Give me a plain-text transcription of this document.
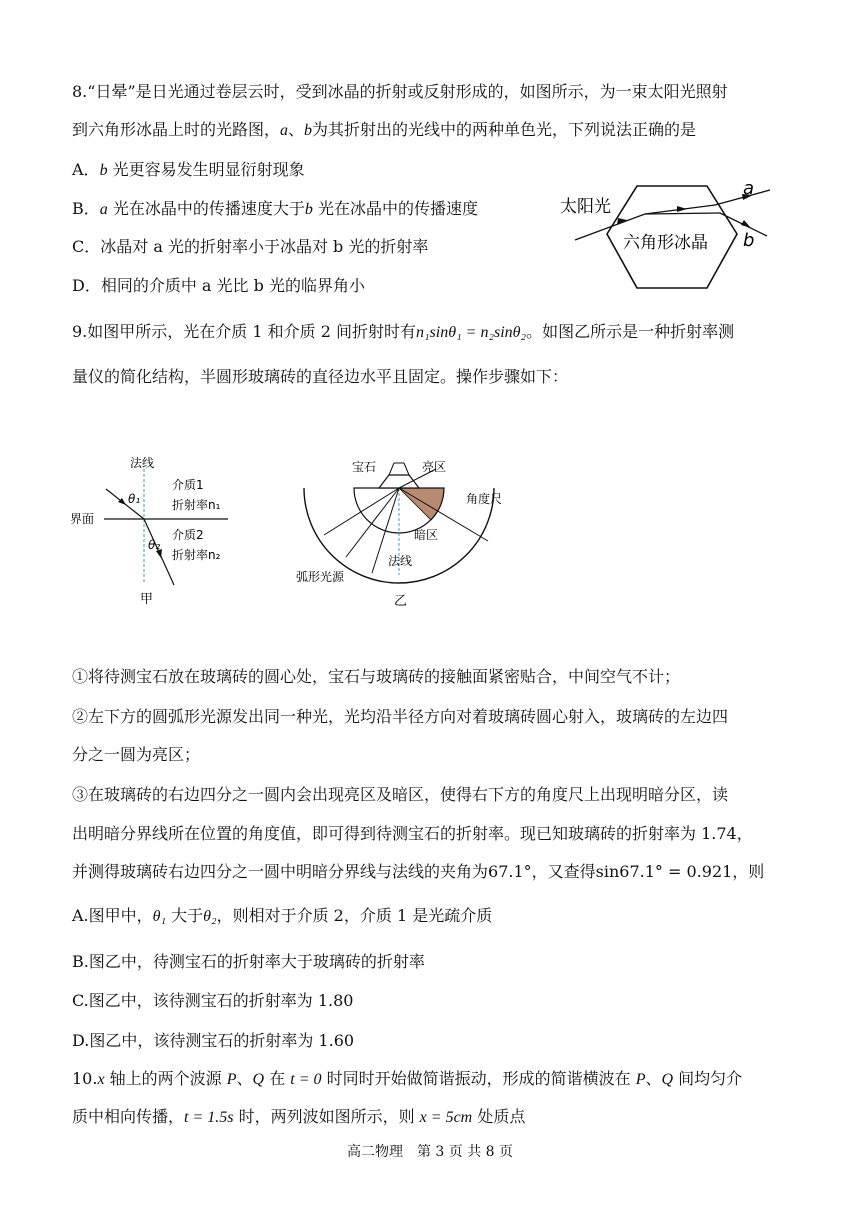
8.“日晕”是日光通过卷层云时，受到冰晶的折射或反射形成的，如图所示，为一束太阳光照射
到六角形冰晶上时的光路图，a、b为其折射出的光线中的两种单色光，下列说法正确的是
A．b 光更容易发生明显衍射现象
B．a 光在冰晶中的传播速度大于b 光在冰晶中的传播速度
C．冰晶对 a 光的折射率小于冰晶对 b 光的折射率
D．相同的介质中 a 光比 b 光的临界角小
太阳光
六角形冰晶
a
b
9.如图甲所示，光在介质 1 和介质 2 间折射时有n₁sinθ₁ = n₂sinθ₂。如图乙所示是一种折射率测
量仪的简化结构，半圆形玻璃砖的直径边水平且固定。操作步骤如下：
法线
界面
介质1
折射率n₁
介质2
折射率n₂
θ₁
θ₂
甲
宝石	亮区
角度尺
暗区
法线
弧形光源
乙
①将待测宝石放在玻璃砖的圆心处，宝石与玻璃砖的接触面紧密贴合，中间空气不计；
②左下方的圆弧形光源发出同一种光，光均沿半径方向对着玻璃砖圆心射入，玻璃砖的左边四
分之一圆为亮区；
③在玻璃砖的右边四分之一圆内会出现亮区及暗区，使得右下方的角度尺上出现明暗分区，读
出明暗分界线所在位置的角度值，即可得到待测宝石的折射率。现已知玻璃砖的折射率为 1.74，
并测得玻璃砖右边四分之一圆中明暗分界线与法线的夹角为67.1°，又查得sin67.1° = 0.921，则
A.图甲中，θ₁ 大于θ₂，则相对于介质 2，介质 1 是光疏介质
B.图乙中，待测宝石的折射率大于玻璃砖的折射率
C.图乙中，该待测宝石的折射率为 1.80
D.图乙中，该待测宝石的折射率为 1.60
10.x 轴上的两个波源 P、Q 在 t = 0 时同时开始做简谐振动，形成的简谐横波在 P、Q 间均匀介
质中相向传播，t = 1.5s 时，两列波如图所示，则 x = 5cm 处质点
高二物理　第 3 页 共 8 页
